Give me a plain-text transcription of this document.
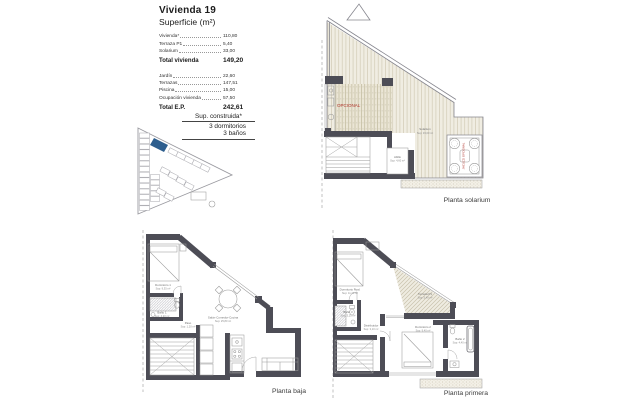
Vivienda 19
Superficie (m²)
Vivienda*	110,80
Terraza P1	5,40
Solarium	33,00
Total vivienda	149,20
Jardín	22,60
Terrazas	147,51
Piscina	15,00
Ocupación vivienda	57,50
Total E.P.	242,61
Sup. construida*
3 dormitorios
3 baños
Altillo
Sup: 4,60 m²	JACUZZI OPCIONAL
OPCIONAL
Solarium
Sup: 33,00 m²
Planta solarium
Dormitorio 1
Sup: 9,35 m²
Baño 1
Sup: 4,20 m²
Paso
Sup: 1,20 m²
Salón-Comedor-Cocina
Sup: 25,80 m²
Planta baja
Dormitorio Ppal.
Sup: 11,20 m²
Baño 3
Sup: 3,25 m²
Distribuidor
Sup: 3,10 m²
Dormitorio 2
Sup: 9,40 m²
Baño 2
Sup: 4,40 m²
Terraza P1
Sup: 5,40 m²
Planta primera
